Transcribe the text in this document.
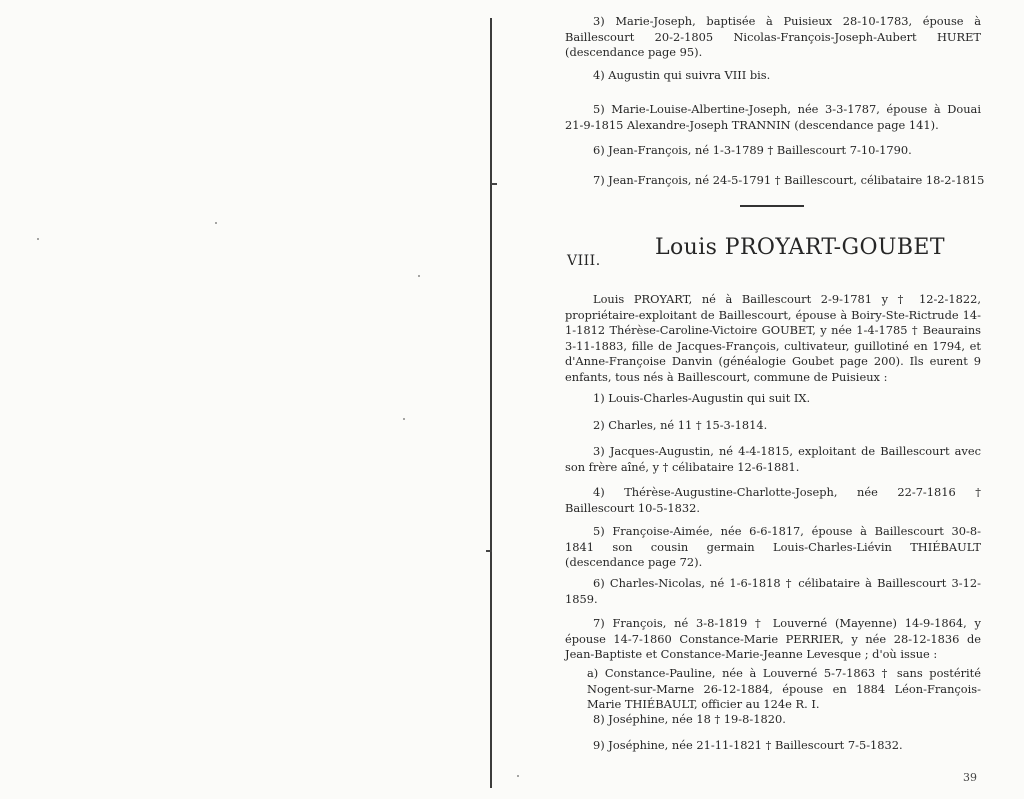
3) Marie-Joseph, baptisée à Puisieux 28-10-1783, épouse à Baillescourt 20-2-1805 Nicolas-François-Joseph-Aubert HURET (descendance page 95).

4) Augustin qui suivra VIII bis.

5) Marie-Louise-Albertine-Joseph, née 3-3-1787, épouse à Douai 21-9-1815 Alexandre-Joseph TRANNIN (descendance page 141).

6) Jean-François, né 1-3-1789 † Baillescourt 7-10-1790.

7) Jean-François, né 24-5-1791 † Baillescourt, célibataire 18-2-1815

VIII.
Louis PROYART-GOUBET

Louis PROYART, né à Baillescourt 2-9-1781 y † 12-2-1822, propriétaire-exploitant de Baillescourt, épouse à Boiry-Ste-Rictrude 14-1-1812 Thérèse-Caroline-Victoire GOUBET, y née 1-4-1785 † Beaurains 3-11-1883, fille de Jacques-François, cultivateur, guillotiné en 1794, et d'Anne-Françoise Danvin (généalogie Goubet page 200). Ils eurent 9 enfants, tous nés à Baillescourt, commune de Puisieux :

1) Louis-Charles-Augustin qui suit IX.

2) Charles, né 11 † 15-3-1814.

3) Jacques-Augustin, né 4-4-1815, exploitant de Baillescourt avec son frère aîné, y † célibataire 12-6-1881.

4) Thérèse-Augustine-Charlotte-Joseph, née 22-7-1816 † Baillescourt 10-5-1832.

5) Françoise-Aimée, née 6-6-1817, épouse à Baillescourt 30-8-1841 son cousin germain Louis-Charles-Liévin THIÉBAULT (descendance page 72).

6) Charles-Nicolas, né 1-6-1818 † célibataire à Baillescourt 3-12-1859.

7) François, né 3-8-1819 † Louverné (Mayenne) 14-9-1864, y épouse 14-7-1860 Constance-Marie PERRIER, y née 28-12-1836 de Jean-Baptiste et Constance-Marie-Jeanne Levesque ; d'où issue :

a) Constance-Pauline, née à Louverné 5-7-1863 † sans postérité Nogent-sur-Marne 26-12-1884, épouse en 1884 Léon-François-Marie THIÉBAULT, officier au 124e R. I.

8) Joséphine, née 18 † 19-8-1820.

9) Joséphine, née 21-11-1821 † Baillescourt 7-5-1832.

39
